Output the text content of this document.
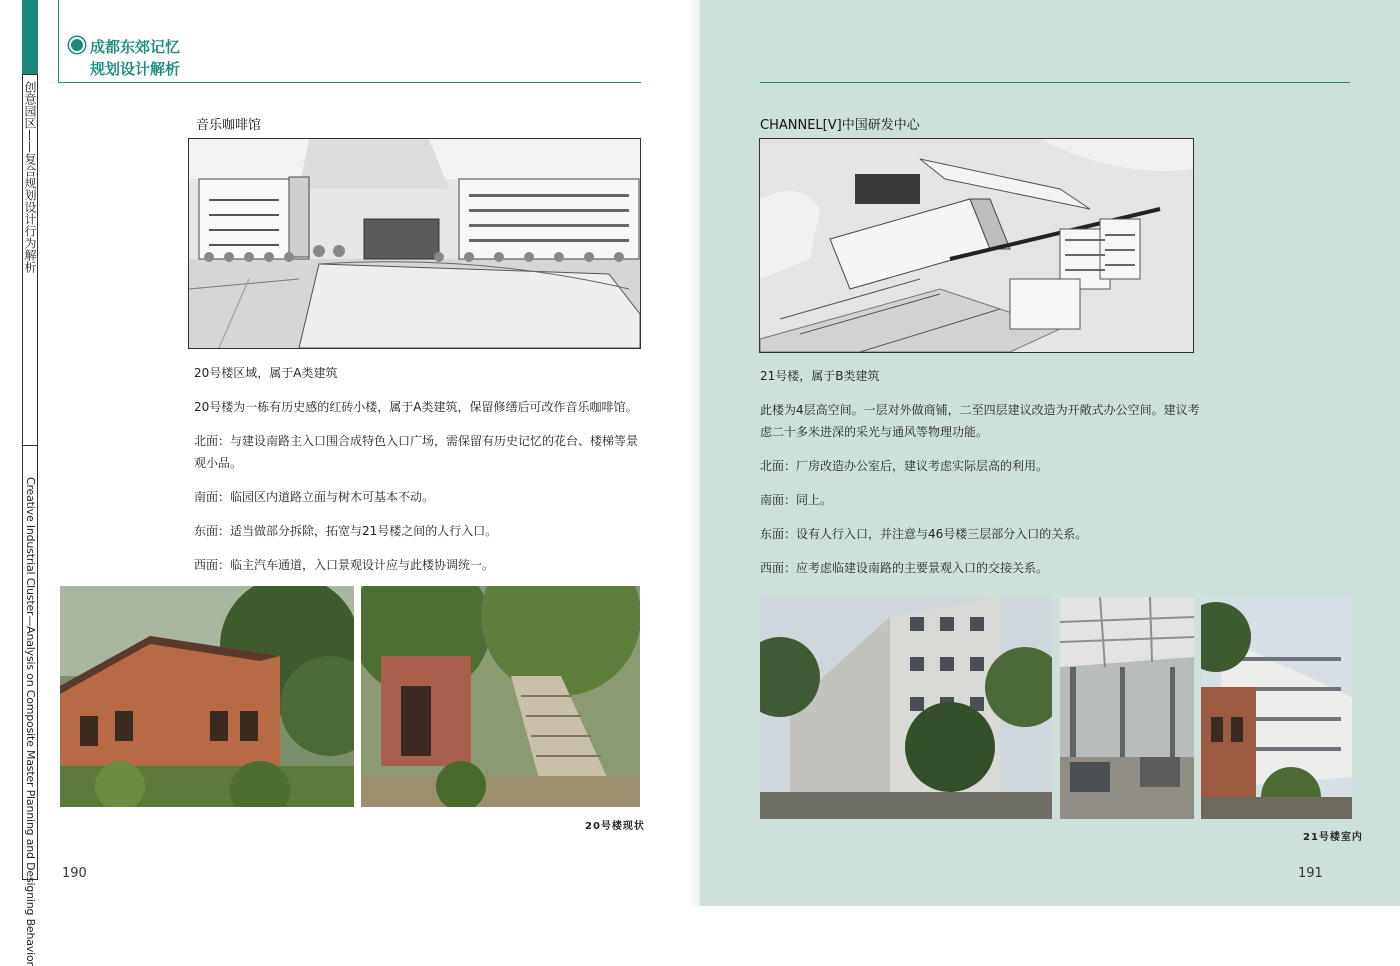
创意园区——复合规划设计行为解析
Creative Industrial Cluster—Analysis on Composite Master Planning and Designing Behavior
成都东郊记忆
规划设计解析
音乐咖啡馆
20号楼区域，属于A类建筑
20号楼为一栋有历史感的红砖小楼，属于A类建筑，保留修缮后可改作音乐咖啡馆。
北面：与建设南路主入口围合成特色入口广场，需保留有历史记忆的花台、楼梯等景观小品。
南面：临园区内道路立面与树木可基本不动。
东面：适当做部分拆除，拓宽与21号楼之间的人行入口。
西面：临主汽车通道，入口景观设计应与此楼协调统一。
20号楼现状
190
CHANNEL[V]中国研发中心
21号楼，属于B类建筑
此楼为4层高空间。一层对外做商铺，二至四层建议改造为开敞式办公空间。建议考
虑二十多米进深的采光与通风等物理功能。
北面：厂房改造办公室后，建议考虑实际层高的利用。
南面：同上。
东面：设有人行入口，并注意与46号楼三层部分入口的关系。
西面：应考虑临建设南路的主要景观入口的交接关系。
21号楼室内
191
